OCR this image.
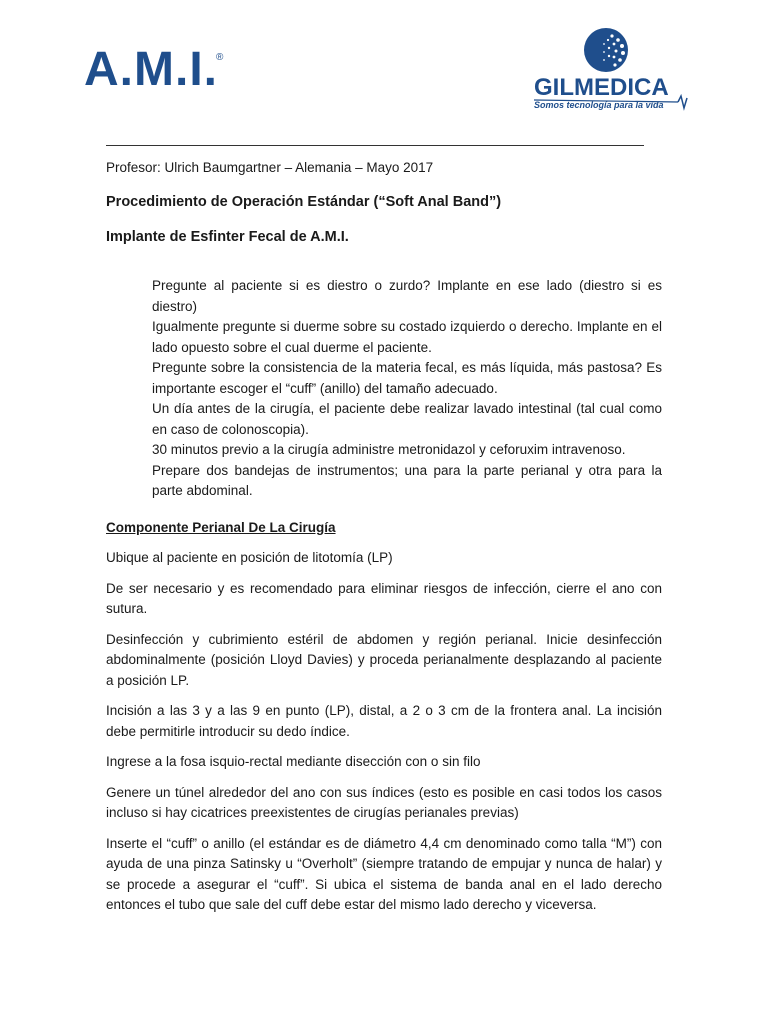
A.M.I.
®
GILMEDICA
Somos tecnología para la vida
Profesor: Ulrich Baumgartner – Alemania – Mayo 2017
Procedimiento de Operación Estándar (“Soft Anal Band”)
Implante de Esfinter Fecal de A.M.I.

Pregunte al paciente si es diestro o zurdo? Implante en ese lado (diestro si es diestro)

Igualmente pregunte si duerme sobre su costado izquierdo o derecho. Implante en el lado opuesto sobre el cual duerme el paciente.

Pregunte sobre la consistencia de la materia fecal, es más líquida, más pastosa? Es importante escoger el “cuff” (anillo) del tamaño adecuado.

Un día antes de la cirugía, el paciente debe realizar lavado intestinal (tal cual como en caso de colonoscopia).

30 minutos previo a la cirugía administre metronidazol y ceforuxim intravenoso.

Prepare dos bandejas de instrumentos; una para la parte perianal y otra para la parte abdominal.

Componente Perianal De La Cirugía

Ubique al paciente en posición de litotomía (LP)

De ser necesario y es recomendado para eliminar riesgos de infección, cierre el ano con sutura.

Desinfección y cubrimiento estéril de abdomen y región perianal. Inicie desinfección abdominalmente (posición Lloyd Davies) y proceda perianalmente desplazando al paciente a posición LP.

Incisión a las 3 y a las 9 en punto (LP), distal, a 2 o 3 cm de la frontera anal. La incisión debe permitirle introducir su dedo índice.

Ingrese a la fosa isquio-rectal mediante disección con o sin filo

Genere un túnel alrededor del ano con sus índices (esto es posible en casi todos los casos incluso si hay cicatrices preexistentes de cirugías perianales previas)

Inserte el “cuff” o anillo (el estándar es de diámetro 4,4 cm denominado como talla “M”) con ayuda de una pinza Satinsky u “Overholt” (siempre tratando de empujar y nunca de halar) y se procede a asegurar el “cuff”. Si ubica el sistema de banda anal en el lado derecho entonces el tubo que sale del cuff debe estar del mismo lado derecho y viceversa.
